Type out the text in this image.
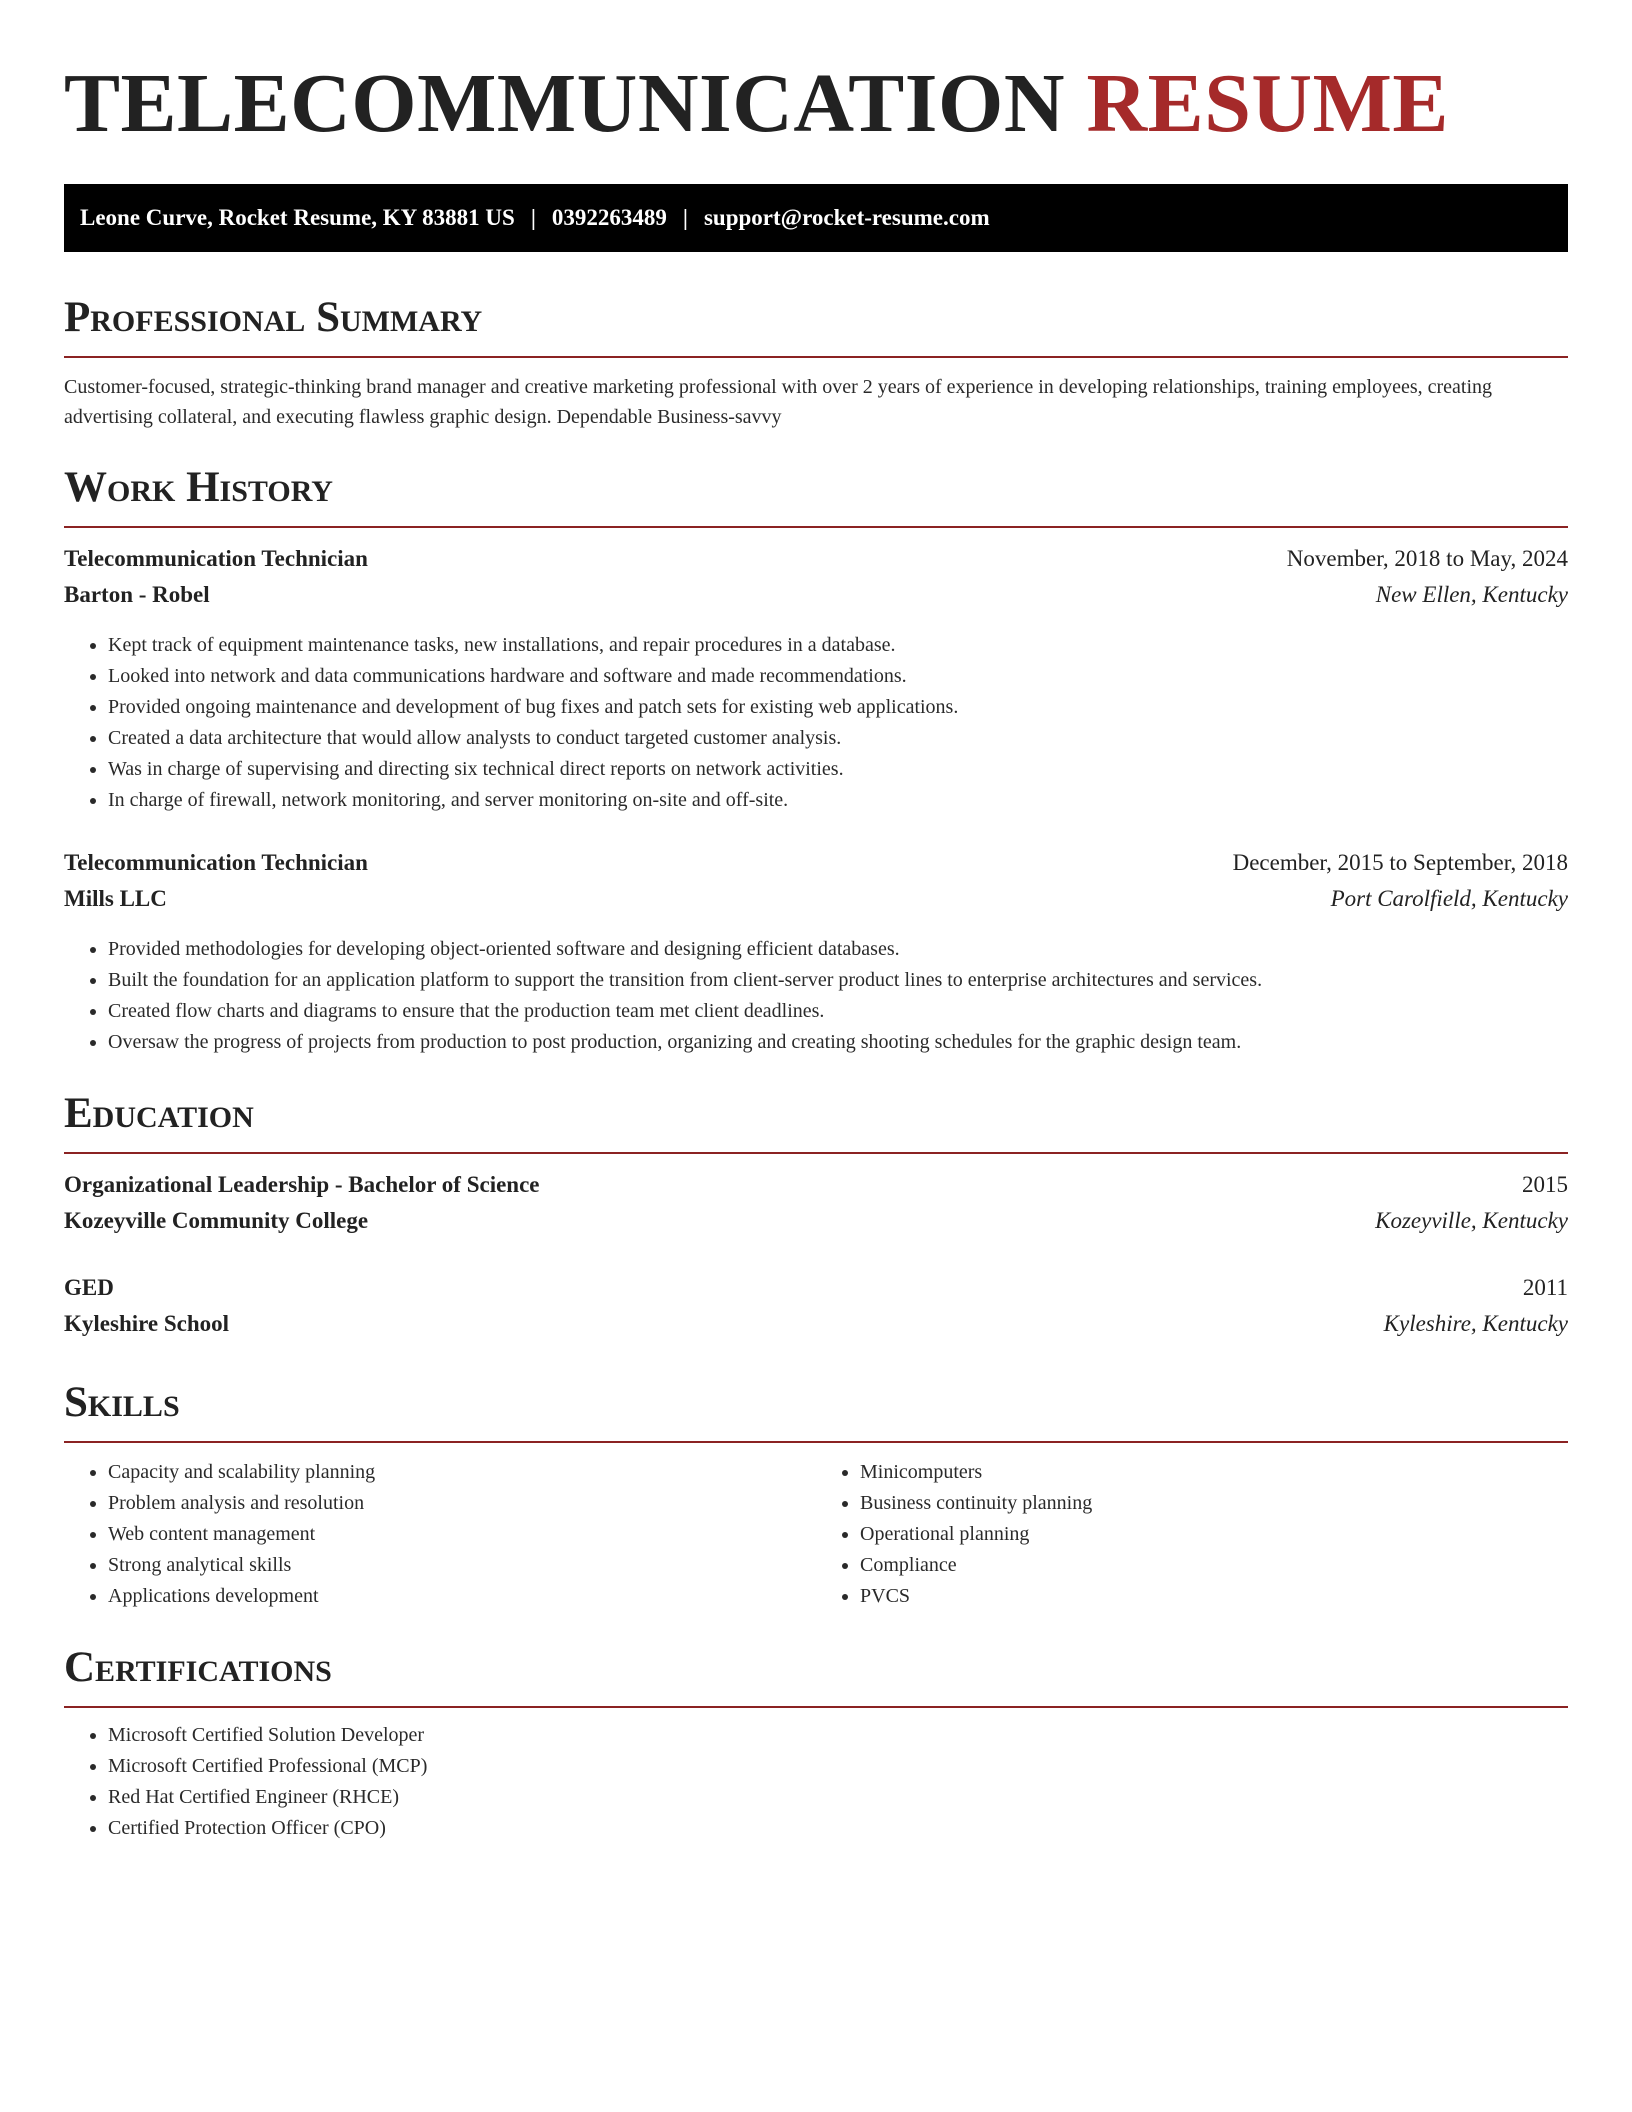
TELECOMMUNICATION RESUME
Leone Curve, Rocket Resume, KY 83881 US | 0392263489 | support@rocket-resume.com
Professional Summary

Customer-focused, strategic-thinking brand manager and creative marketing professional with over 2 years of experience in developing relationships, training employees, creating advertising collateral, and executing flawless graphic design. Dependable Business-savvy

Work History
Telecommunication Technician	November, 2018 to May, 2024
Barton - Robel	New Ellen, Kentucky
• Kept track of equipment maintenance tasks, new installations, and repair procedures in a database.
• Looked into network and data communications hardware and software and made recommendations.
• Provided ongoing maintenance and development of bug fixes and patch sets for existing web applications.
• Created a data architecture that would allow analysts to conduct targeted customer analysis.
• Was in charge of supervising and directing six technical direct reports on network activities.
• In charge of firewall, network monitoring, and server monitoring on-site and off-site.
Telecommunication Technician	December, 2015 to September, 2018
Mills LLC	Port Carolfield, Kentucky
• Provided methodologies for developing object-oriented software and designing efficient databases.
• Built the foundation for an application platform to support the transition from client-server product lines to enterprise architectures and services.
• Created flow charts and diagrams to ensure that the production team met client deadlines.
• Oversaw the progress of projects from production to post production, organizing and creating shooting schedules for the graphic design team.
Education
Organizational Leadership - Bachelor of Science	2015
Kozeyville Community College	Kozeyville, Kentucky
GED	2011
Kyleshire School	Kyleshire, Kentucky
Skills
• Capacity and scalability planning
• Problem analysis and resolution
• Web content management
• Strong analytical skills
• Applications development
• Minicomputers
• Business continuity planning
• Operational planning
• Compliance
• PVCS
Certifications
• Microsoft Certified Solution Developer
• Microsoft Certified Professional (MCP)
• Red Hat Certified Engineer (RHCE)
• Certified Protection Officer (CPO)
